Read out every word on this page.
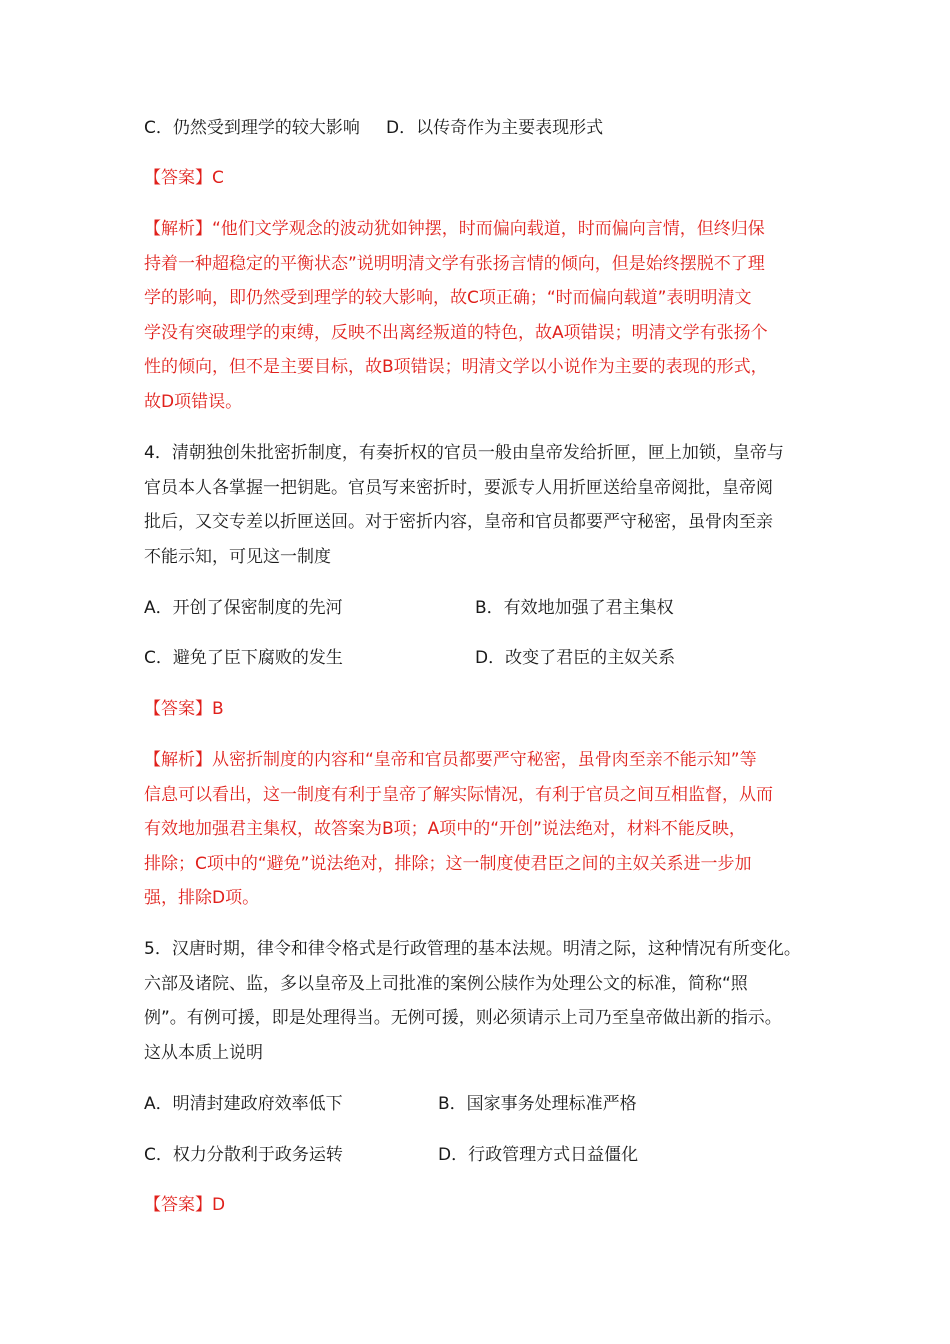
C．仍然受到理学的较大影响 D．以传奇作为主要表现形式
【答案】C
【解析】“他们文学观念的波动犹如钟摆，时而偏向载道，时而偏向言情，但终归保
持着一种超稳定的平衡状态”说明明清文学有张扬言情的倾向，但是始终摆脱不了理
学的影响，即仍然受到理学的较大影响，故C项正确；“时而偏向载道”表明明清文
学没有突破理学的束缚，反映不出离经叛道的特色，故A项错误；明清文学有张扬个
性的倾向，但不是主要目标，故B项错误；明清文学以小说作为主要的表现的形式，
故D项错误。
4．清朝独创朱批密折制度，有奏折权的官员一般由皇帝发给折匣，匣上加锁，皇帝与
官员本人各掌握一把钥匙。官员写来密折时，要派专人用折匣送给皇帝阅批，皇帝阅
批后，又交专差以折匣送回。对于密折内容，皇帝和官员都要严守秘密，虽骨肉至亲
不能示知，可见这一制度
A．开创了保密制度的先河	B．有效地加强了君主集权
C．避免了臣下腐败的发生	D．改变了君臣的主奴关系
【答案】B
【解析】从密折制度的内容和“皇帝和官员都要严守秘密，虽骨肉至亲不能示知”等
信息可以看出，这一制度有利于皇帝了解实际情况，有利于官员之间互相监督，从而
有效地加强君主集权，故答案为B项；A项中的“开创”说法绝对，材料不能反映，
排除；C项中的“避免”说法绝对，排除；这一制度使君臣之间的主奴关系进一步加
强，排除D项。
5．汉唐时期，律令和律令格式是行政管理的基本法规。明清之际，这种情况有所变化。
六部及诸院、监，多以皇帝及上司批准的案例公牍作为处理公文的标准，简称“照
例”。有例可援，即是处理得当。无例可援，则必须请示上司乃至皇帝做出新的指示。
这从本质上说明
A．明清封建政府效率低下	B．国家事务处理标准严格
C．权力分散利于政务运转	D．行政管理方式日益僵化
【答案】D
